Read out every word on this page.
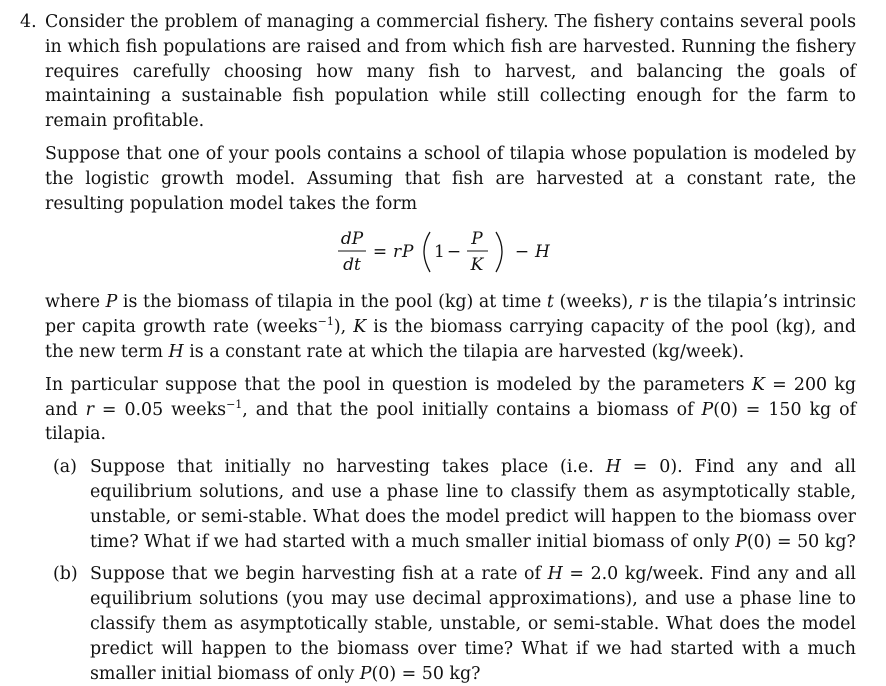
4. Consider the problem of managing a commercial fishery. The fishery contains several pools in which fish populations are raised and from which fish are harvested. Running the fishery requires carefully choosing how many fish to harvest, and balancing the goals of maintaining a sustainable fish population while still collecting enough for the farm to remain profitable.

Suppose that one of your pools contains a school of tilapia whose population is modeled by the logistic growth model. Assuming that fish are harvested at a constant rate, the resulting population model takes the form

dP
dt
= r P 1 −
P
K
− H

where P is the biomass of tilapia in the pool (kg) at time t (weeks), r is the tilapia’s intrinsic per capita growth rate (weeks$^{-1}$), K is the biomass carrying capacity of the pool (kg), and the new term H is a constant rate at which the tilapia are harvested (kg/week).

In particular suppose that the pool in question is modeled by the parameters K = 200 kg and r = 0.05 weeks$^{-1}$, and that the pool initially contains a biomass of P(0) = 150 kg of tilapia.

(a) Suppose that initially no harvesting takes place (i.e. H = 0). Find any and all equilibrium solutions, and use a phase line to classify them as asymptotically stable, unstable, or semi-stable. What does the model predict will happen to the biomass over time? What if we had started with a much smaller initial biomass of only P(0) = 50 kg?
(b) Suppose that we begin harvesting fish at a rate of H = 2.0 kg/week. Find any and all equilibrium solutions (you may use decimal approximations), and use a phase line to classify them as asymptotically stable, unstable, or semi-stable. What does the model predict will happen to the biomass over time? What if we had started with a much smaller initial biomass of only P(0) = 50 kg?
